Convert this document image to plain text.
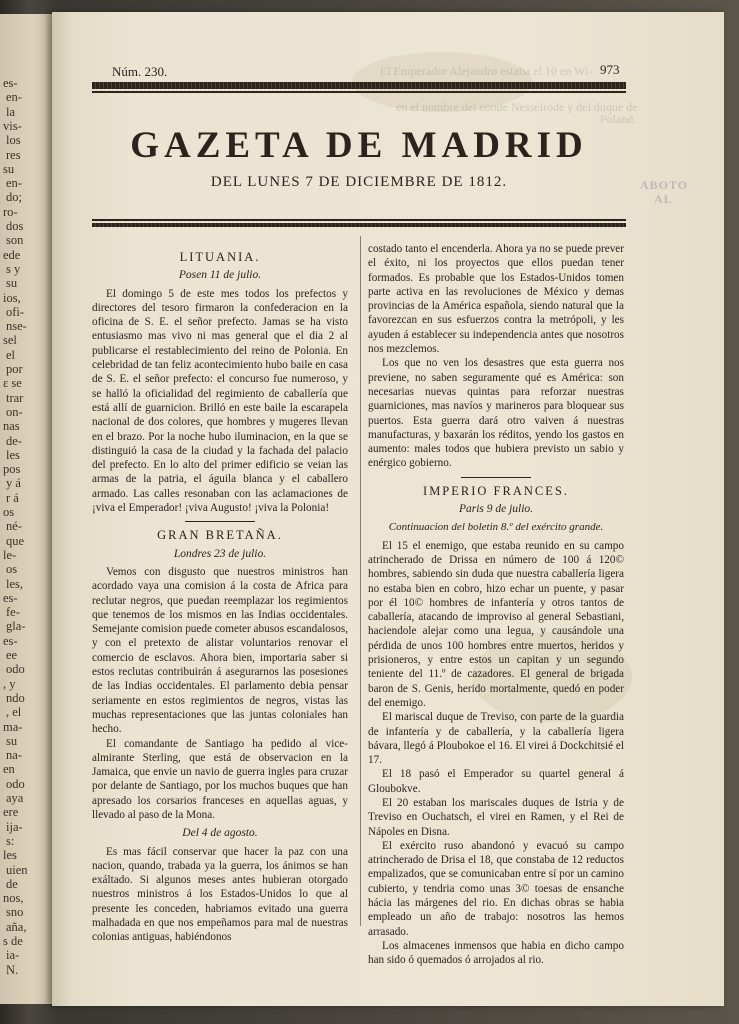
es-
en-
la
vis-
los
res
su
en-
do;
ro-
dos
son
ede
s y
su
ios,
ofi-
nse-
sel
el
por
ε se
trar
on-
nas
de-
les
pos
y á
r á
os
né-
que
le-
os
les,
es-
fe-
gla-
es-
ee
odo
, y
ndo
, el
ma-
su
na-
en
odo
aya
ere
ija-
s:
les
uien
de
nos,
sno
aña,
s de
ia-
N.
Núm. 230.	973
El Emperador Alejandro estaba el 10 en Wi-
en el nombre del conde Nesselrode y del duque de
Poland.
GAZETA DE MADRID
DEL LUNES 7 DE DICIEMBRE DE 1812.	ABOTO
AL
LITUANIA.
Posen 11 de julio.

El domingo 5 de este mes todos los prefectos y directores del tesoro firmaron la confederacion en la oficina de S. E. el señor prefecto. Jamas se ha visto entusiasmo mas vivo ni mas general que el dia 2 al publicarse el restablecimiento del reino de Polonia. En celebridad de tan feliz acontecimiento hubo baile en casa de S. E. el señor prefecto: el concurso fue numeroso, y se halló la oficialidad del regimiento de caballería que está allí de guarnicion. Brilló en este baile la escarapela nacional de dos colores, que hombres y mugeres llevan en el brazo. Por la noche hubo iluminacion, en la que se distinguió la casa de la ciudad y la fachada del palacio del prefecto. En lo alto del primer edificio se veian las armas de la patria, el águila blanca y el caballero armado. Las calles resonaban con las aclamaciones de ¡viva el Emperador! ¡viva Augusto! ¡viva la Polonia!

GRAN BRETAÑA.
Londres 23 de julio.

Vemos con disgusto que nuestros ministros han acordado vaya una comision á la costa de Africa para reclutar negros, que puedan reemplazar los regimientos que tenemos de los mismos en las Indias occidentales. Semejante comision puede cometer abusos escandalosos, y con el pretexto de alistar voluntarios renovar el comercio de esclavos. Ahora bien, importaria saber si estos reclutas contribuirán á asegurarnos las posesiones de las Indias occidentales. El parlamento debia pensar seriamente en estos regimientos de negros, vistas las muchas representaciones que las juntas coloniales han hecho.

El comandante de Santiago ha pedido al vice-almirante Sterling, que está de observacion en la Jamaica, que envie un navio de guerra ingles para cruzar por delante de Santiago, por los muchos buques que han apresado los corsarios franceses en aquellas aguas, y llevado al paso de la Mona.

Del 4 de agosto.

Es mas fácil conservar que hacer la paz con una nacion, quando, trabada ya la guerra, los ánimos se han exáltado. Si algunos meses antes hubieran otorgado nuestros ministros á los Estados-Unidos lo que al presente les conceden, habriamos evitado una guerra malhadada en que nos empeñamos para mal de nuestras colonias antiguas, habiéndonos

costado tanto el encenderla. Ahora ya no se puede prever el éxito, ni los proyectos que ellos puedan tener formados. Es probable que los Estados-Unidos tomen parte activa en las revoluciones de México y demas provincias de la América española, siendo natural que la favorezcan en sus esfuerzos contra la metrópoli, y les ayuden á establecer su independencia antes que nosotros nos mezclemos.

Los que no ven los desastres que esta guerra nos previene, no saben seguramente qué es América: son necesarias nuevas quintas para reforzar nuestras guarniciones, mas navíos y marineros para bloquear sus puertos. Esta guerra dará otro vaiven á nuestras manufacturas, y baxarán los réditos, yendo los gastos en aumento: males todos que hubiera previsto un sabio y enérgico gobierno.

IMPERIO FRANCES.
Paris 9 de julio.
Continuacion del boletin 8.º del exército grande.

El 15 el enemigo, que estaba reunido en su campo atrincherado de Drissa en número de 100 á 120© hombres, sabiendo sin duda que nuestra caballería ligera no estaba bien en cobro, hizo echar un puente, y pasar por él 10© hombres de infantería y otros tantos de caballería, atacando de improviso al general Sebastiani, haciendole alejar como una legua, y causándole una pérdida de unos 100 hombres entre muertos, heridos y prisioneros, y entre estos un capitan y un segundo teniente del 11.º de cazadores. El general de brigada baron de S. Genis, herido mortalmente, quedó en poder del enemigo.

El mariscal duque de Treviso, con parte de la guardia de infantería y de caballería, y la caballería ligera bávara, llegó á Ploubokoe el 16. El virei á Dockchitsié el 17.

El 18 pasó el Emperador su quartel general á Gloubokve.

El 20 estaban los mariscales duques de Istria y de Treviso en Ouchatsch, el virei en Ramen, y el Rei de Nápoles en Disna.

El exército ruso abandonó y evacuó su campo atrincherado de Drisa el 18, que constaba de 12 reductos empalizados, que se comunicaban entre sí por un camino cubierto, y tendria como unas 3© toesas de ensanche hácia las márgenes del rio. En dichas obras se habia empleado un año de trabajo: nosotros las hemos arrasado.

Los almacenes inmensos que habia en dicho campo han sido ó quemados ó arrojados al rio.
